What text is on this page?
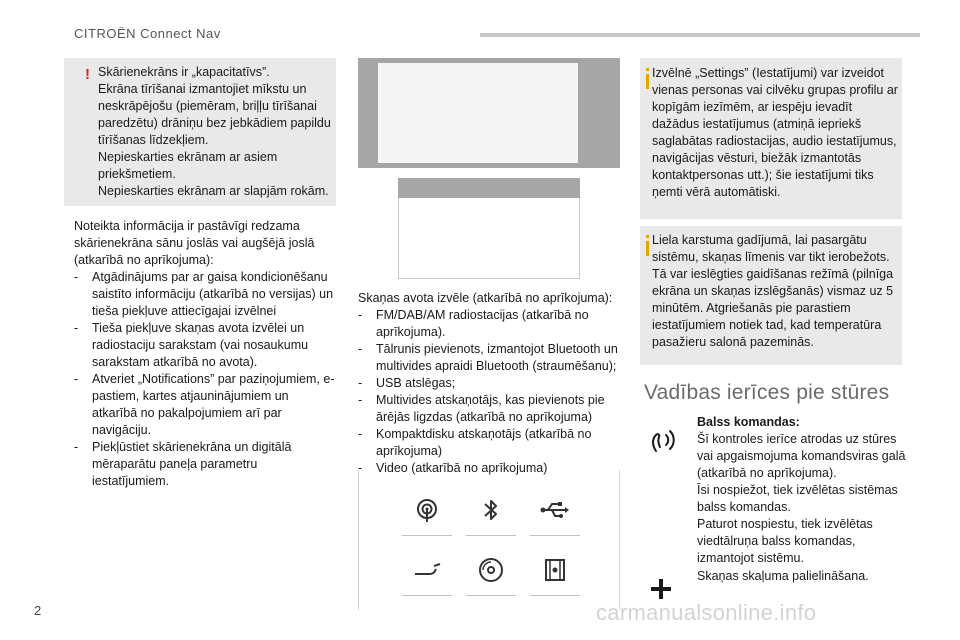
CITROËN Connect Nav
! Skārienekrāns ir „kapacitatīvs”.
Ekrāna tīrīšanai izmantojiet mīkstu un neskrāpējošu (piemēram, briļļu tīrīšanai paredzētu) drāniņu bez jebkādiem papildu tīrīšanas līdzekļiem.
Nepieskarties ekrānam ar asiem priekšmetiem.
Nepieskarties ekrānam ar slapjām rokām.
Noteikta informācija ir pastāvīgi redzama skārienekrāna sānu joslās vai augšējā joslā (atkarībā no aprīkojuma):
- Atgādinājums par ar gaisa kondicionēšanu saistīto informāciju (atkarībā no versijas) un tieša piekļuve attiecīgajai izvēlnei
- Tieša piekļuve skaņas avota izvēlei un radiostaciju sarakstam (vai nosaukumu sarakstam atkarībā no avota).
- Atveriet „Notifications” par paziņojumiem, e-pastiem, kartes atjauninājumiem un atkarībā no pakalpojumiem arī par navigāciju.
- Piekļūstiet skārienekrāna un digitālā mēraparātu paneļa parametru iestatījumiem.
Skaņas avota izvēle (atkarībā no aprīkojuma):
- FM/DAB/AM radiostacijas (atkarībā no aprīkojuma).
- Tālrunis pievienots, izmantojot Bluetooth un multivides apraidi Bluetooth (straumēšanu);
- USB atslēgas;
- Multivides atskaņotājs, kas pievienots pie ārējās ligzdas (atkarībā no aprīkojuma)
- Kompaktdisku atskaņotājs (atkarībā no aprīkojuma)
- Video (atkarībā no aprīkojuma)
Izvēlnē „Settings” (Iestatījumi) var izveidot vienas personas vai cilvēku grupas profilu ar kopīgām iezīmēm, ar iespēju ievadīt dažādus iestatījumus (atmiņā iepriekš saglabātas radiostacijas, audio iestatījumus, navigācijas vēsturi, biežāk izmantotās kontaktpersonas utt.); šie iestatījumi tiks ņemti vērā automātiski.
Liela karstuma gadījumā, lai pasargātu sistēmu, skaņas līmenis var tikt ierobežots. Tā var ieslēgties gaidīšanas režīmā (pilnīga ekrāna un skaņas izslēgšanās) vismaz uz 5 minūtēm. Atgriešanās pie parastiem iestatījumiem notiek tad, kad temperatūra pasažieru salonā pazeminās.
Vadības ierīces pie stūres
Balss komandas:
Šī kontroles ierīce atrodas uz stūres vai apgaismojuma komandsviras galā (atkarībā no aprīkojuma).
Īsi nospiežot, tiek izvēlētas sistēmas balss komandas.
Paturot nospiestu, tiek izvēlētas viedtālruņa balss komandas, izmantojot sistēmu.
Skaņas skaļuma palielināšana.
2	carmanualsonline.info
